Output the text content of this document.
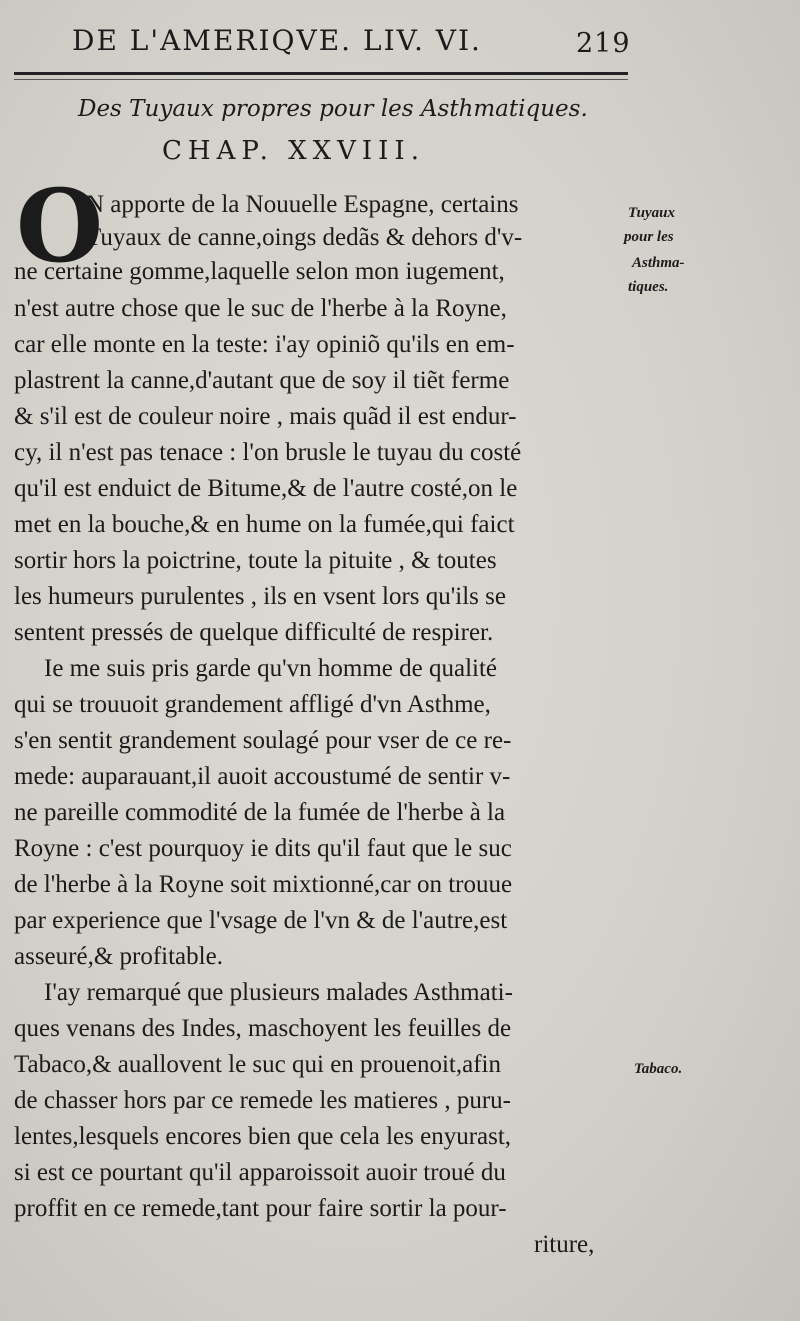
DE L'AMERIQVE. LIV. VI.	219
Des Tuyaux propres pour les Asthmatiques.
CHAP. XXVIII.
O
N apporte de la Nouuelle Espagne, certains
Tuyaux de canne,oings dedãs & dehors d'v-
ne certaine gomme,laquelle selon mon iugement,
n'est autre chose que le suc de l'herbe à la Royne,
car elle monte en la teste: i'ay opiniõ qu'ils en em-
plastrent la canne,d'autant que de soy il tiẽt ferme
& s'il est de couleur noire , mais quãd il est endur-
cy, il n'est pas tenace : l'on brusle le tuyau du costé
qu'il est enduict de Bitume,& de l'autre costé,on le
met en la bouche,& en hume on la fumée,qui faict
sortir hors la poictrine, toute la pituite , & toutes
les humeurs purulentes , ils en vsent lors qu'ils se
sentent pressés de quelque difficulté de respirer.
Ie me suis pris garde qu'vn homme de qualité
qui se trouuoit grandement affligé d'vn Asthme,
s'en sentit grandement soulagé pour vser de ce re-
mede: auparauant,il auoit accoustumé de sentir v-
ne pareille commodité de la fumée de l'herbe à la
Royne : c'est pourquoy ie dits qu'il faut que le suc
de l'herbe à la Royne soit mixtionné,car on trouue
par experience que l'vsage de l'vn & de l'autre,est
asseuré,& profitable.
I'ay remarqué que plusieurs malades Asthmati-
ques venans des Indes, maschoyent les feuilles de
Tabaco,& auallovent le suc qui en prouenoit,afin
de chasser hors par ce remede les matieres , puru-
lentes,lesquels encores bien que cela les enyurast,
si est ce pourtant qu'il apparoissoit auoir troué du
proffit en ce remede,tant pour faire sortir la pour-
riture,
Tuyaux
pour les
Asthma-
tiques.
Tabaco.
